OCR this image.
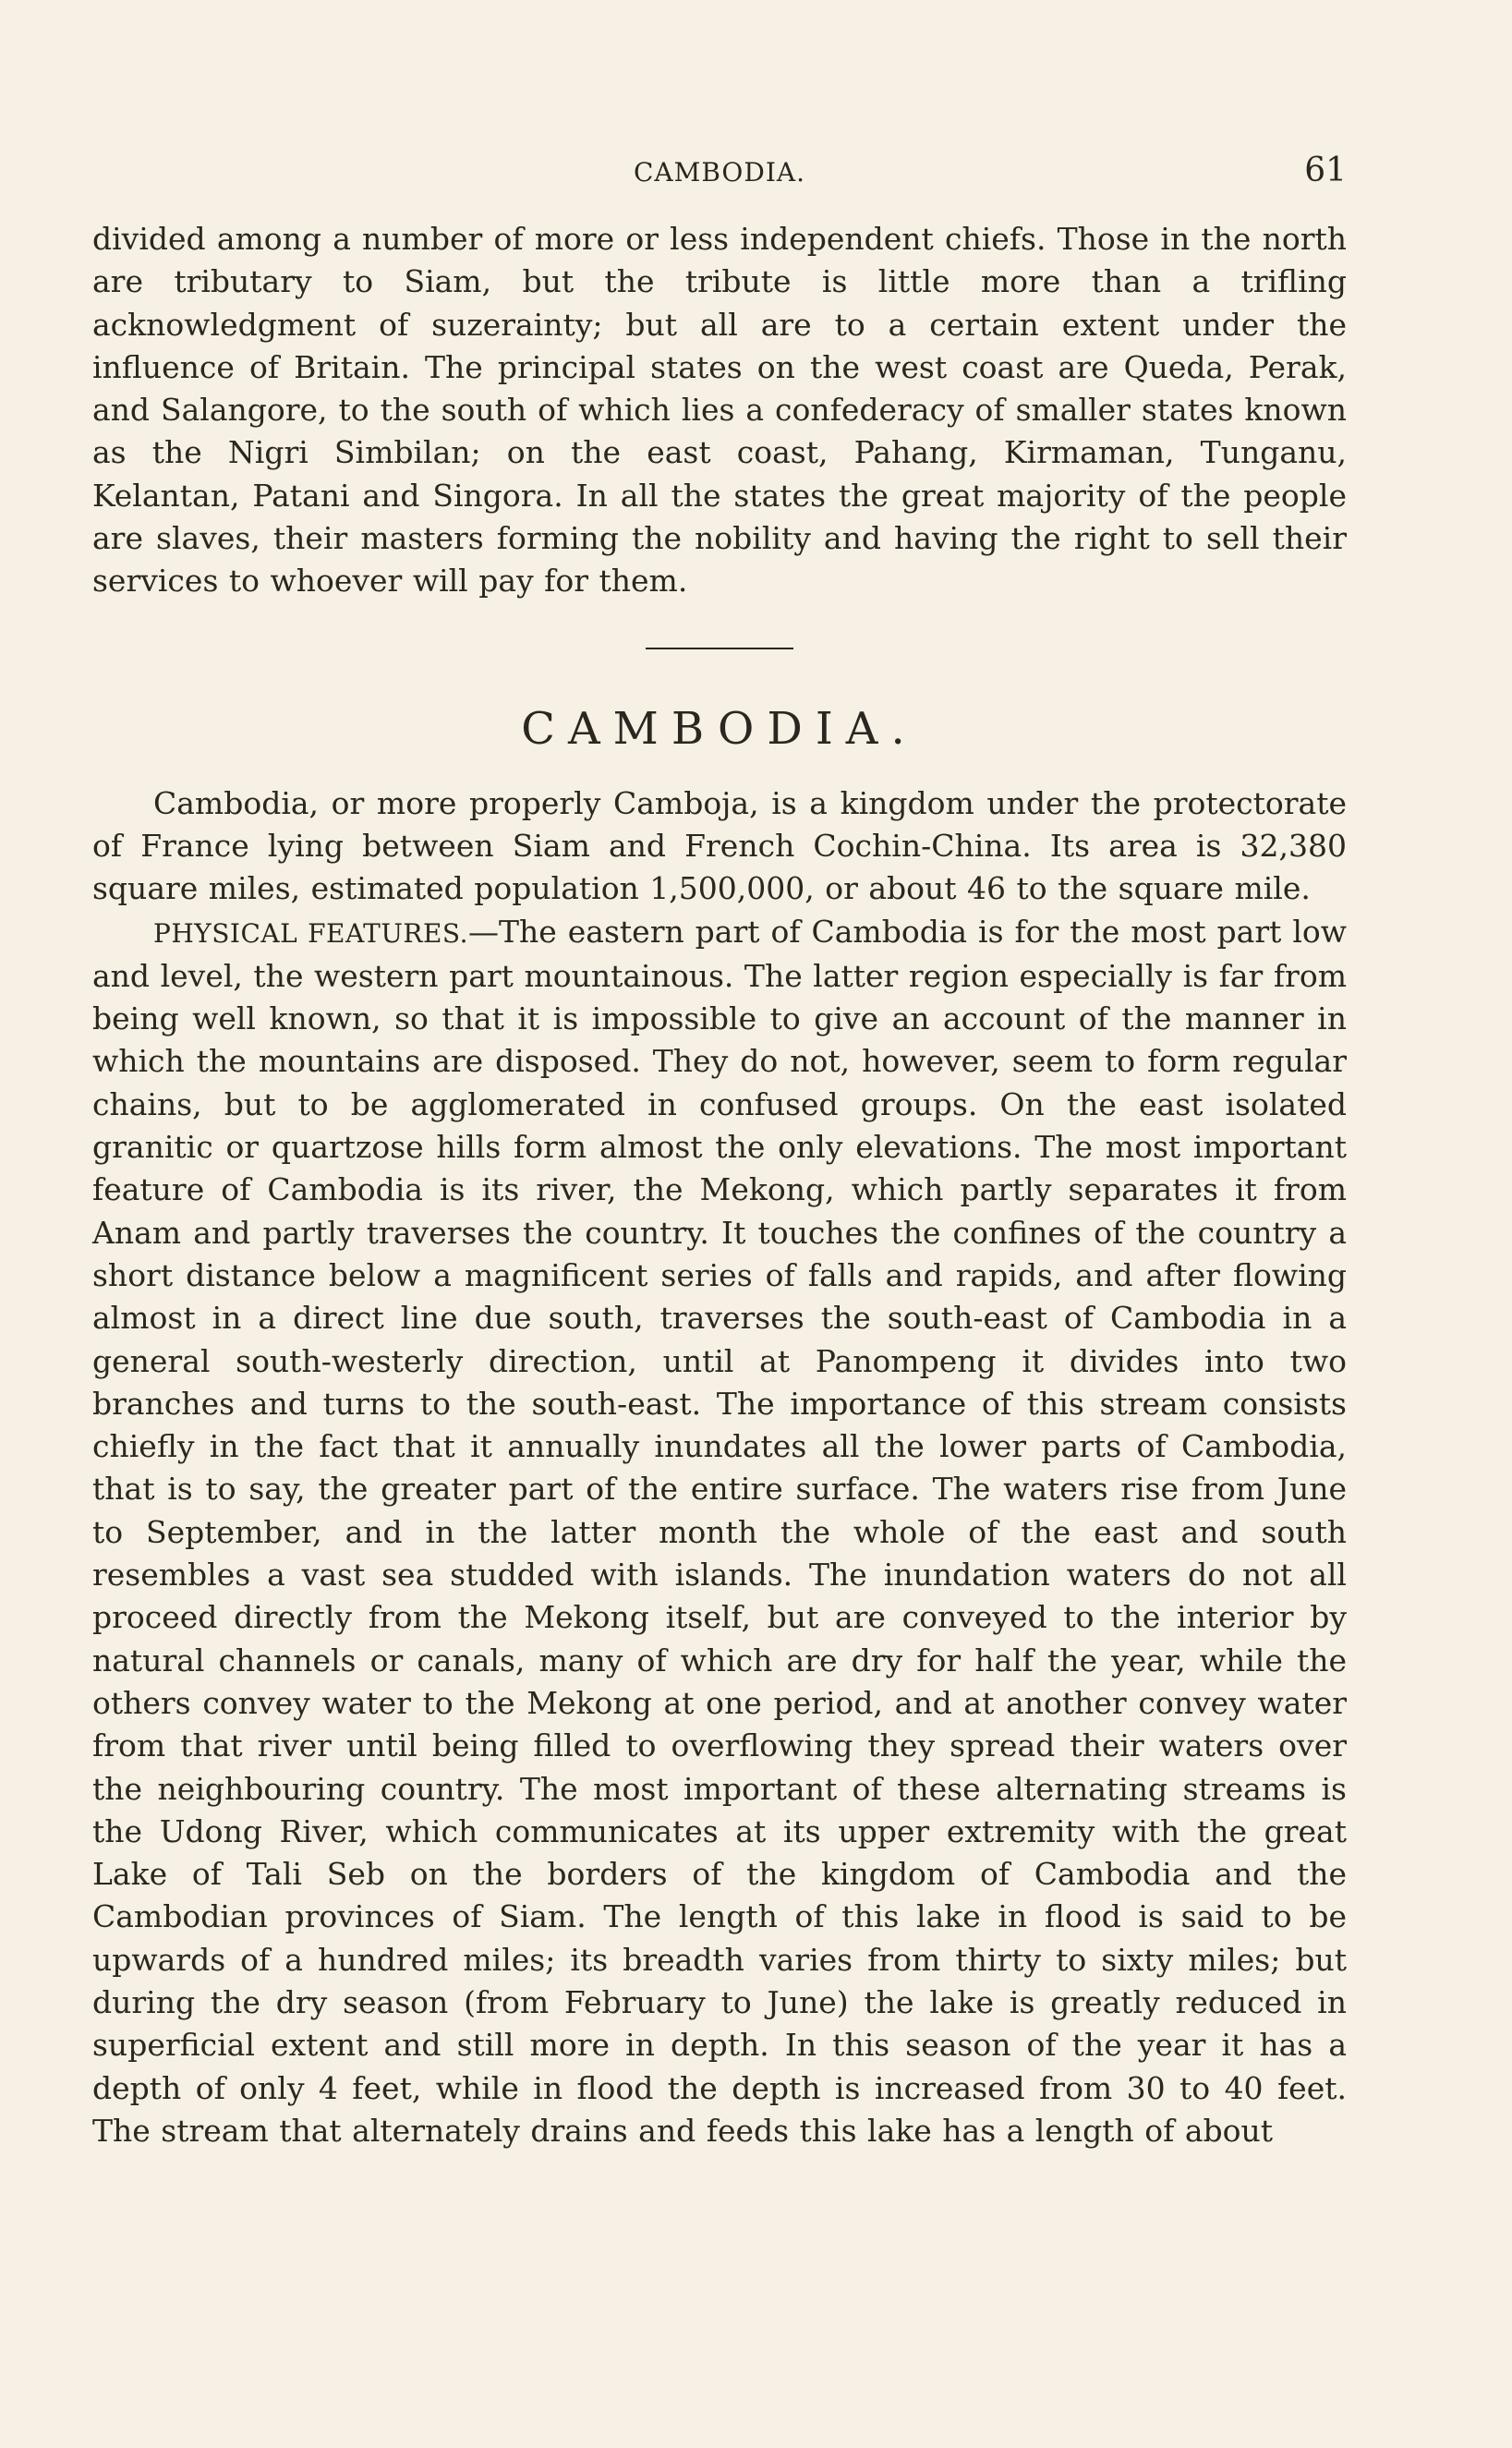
CAMBODIA.	61

divided among a number of more or less independent chiefs. Those in the north are tributary to Siam, but the tribute is little more than a trifling acknowledgment of suzerainty; but all are to a certain extent under the influence of Britain. The principal states on the west coast are Queda, Perak, and Salangore, to the south of which lies a confederacy of smaller states known as the Nigri Simbilan; on the east coast, Pahang, Kirmaman, Tunganu, Kelantan, Patani and Singora. In all the states the great majority of the people are slaves, their masters forming the nobility and having the right to sell their services to whoever will pay for them.

CAMBODIA.

Cambodia, or more properly Camboja, is a kingdom under the protectorate of France lying between Siam and French Cochin-China. Its area is 32,380 square miles, estimated population 1,500,000, or about 46 to the square mile.

PHYSICAL FEATURES.—The eastern part of Cambodia is for the most part low and level, the western part mountainous. The latter region especially is far from being well known, so that it is impossible to give an account of the manner in which the mountains are disposed. They do not, however, seem to form regular chains, but to be agglomerated in confused groups. On the east isolated granitic or quartzose hills form almost the only elevations. The most important feature of Cambodia is its river, the Mekong, which partly separates it from Anam and partly traverses the country. It touches the confines of the country a short distance below a magnificent series of falls and rapids, and after flowing almost in a direct line due south, traverses the south-east of Cambodia in a general south-westerly direction, until at Panompeng it divides into two branches and turns to the south-east. The importance of this stream consists chiefly in the fact that it annually inundates all the lower parts of Cambodia, that is to say, the greater part of the entire surface. The waters rise from June to September, and in the latter month the whole of the east and south resembles a vast sea studded with islands. The inundation waters do not all proceed directly from the Mekong itself, but are conveyed to the interior by natural channels or canals, many of which are dry for half the year, while the others convey water to the Mekong at one period, and at another convey water from that river until being filled to overflowing they spread their waters over the neighbouring country. The most important of these alternating streams is the Udong River, which communicates at its upper extremity with the great Lake of Tali Seb on the borders of the kingdom of Cambodia and the Cambodian provinces of Siam. The length of this lake in flood is said to be upwards of a hundred miles; its breadth varies from thirty to sixty miles; but during the dry season (from February to June) the lake is greatly reduced in superficial extent and still more in depth. In this season of the year it has a depth of only 4 feet, while in flood the depth is increased from 30 to 40 feet. The stream that alternately drains and feeds this lake has a length of about
